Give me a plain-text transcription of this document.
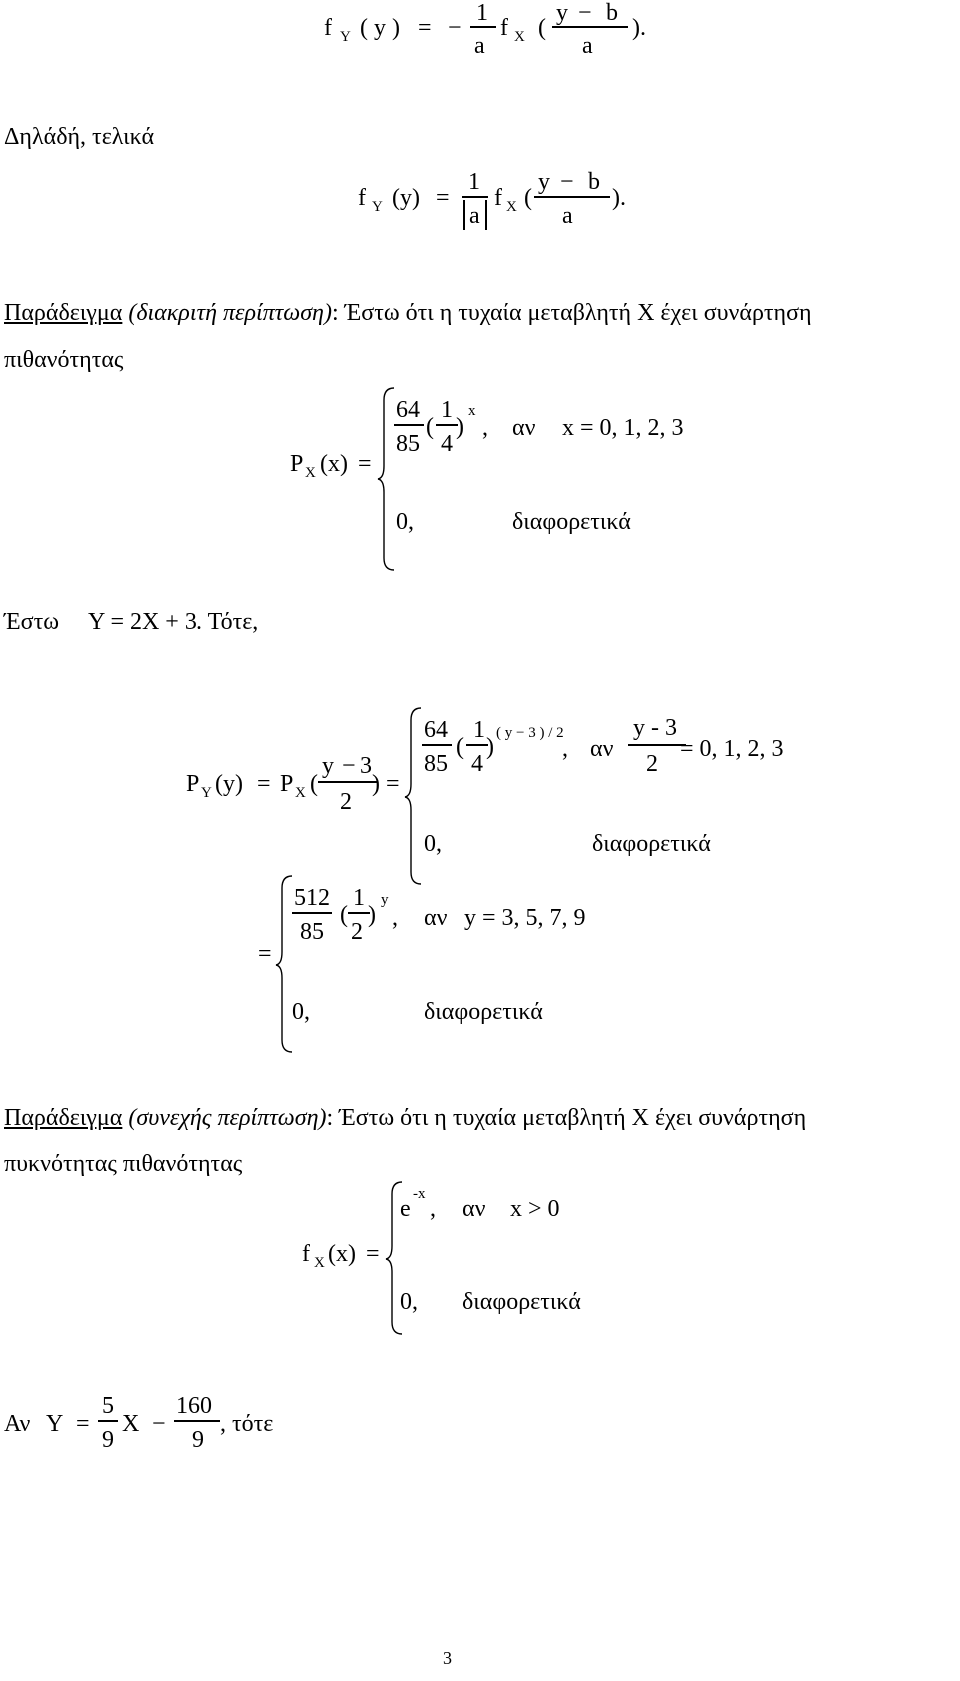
f Y ( y ) = −
1
a
f X (
y − b
a
).
Δηλάδή, τελικά
f Y (y) =
1
a
f X (
y − b
a
).
Παράδειγμα (διακριτή περίπτωση): Έστω ότι η τυχαία μεταβλητή X έχει συνάρτηση
πιθανότητας
P X (x) =
64
85
(
1
4
)
x
, αν x = 0, 1, 2, 3
0,	διαφορετικά
Έστω Y = 2X + 3 . Τότε,
P Y (y) = P X (
y − 3
2
) =
64
85
(
1
4
)
( y − 3 ) / 2
, αν
y - 3
2
= 0, 1, 2, 3
0,	διαφορετικά
=
512
85
(
1
2
)
y
, αν y = 3, 5, 7, 9
0,	διαφορετικά
Παράδειγμα (συνεχής περίπτωση): Έστω ότι η τυχαία μεταβλητή X έχει συνάρτηση
πυκνότητας πιθανότητας
f X (x) =
e
-x
, αν x > 0
0, διαφορετικά
Αν Y =
5
9
X −
160
9
, τότε
3
